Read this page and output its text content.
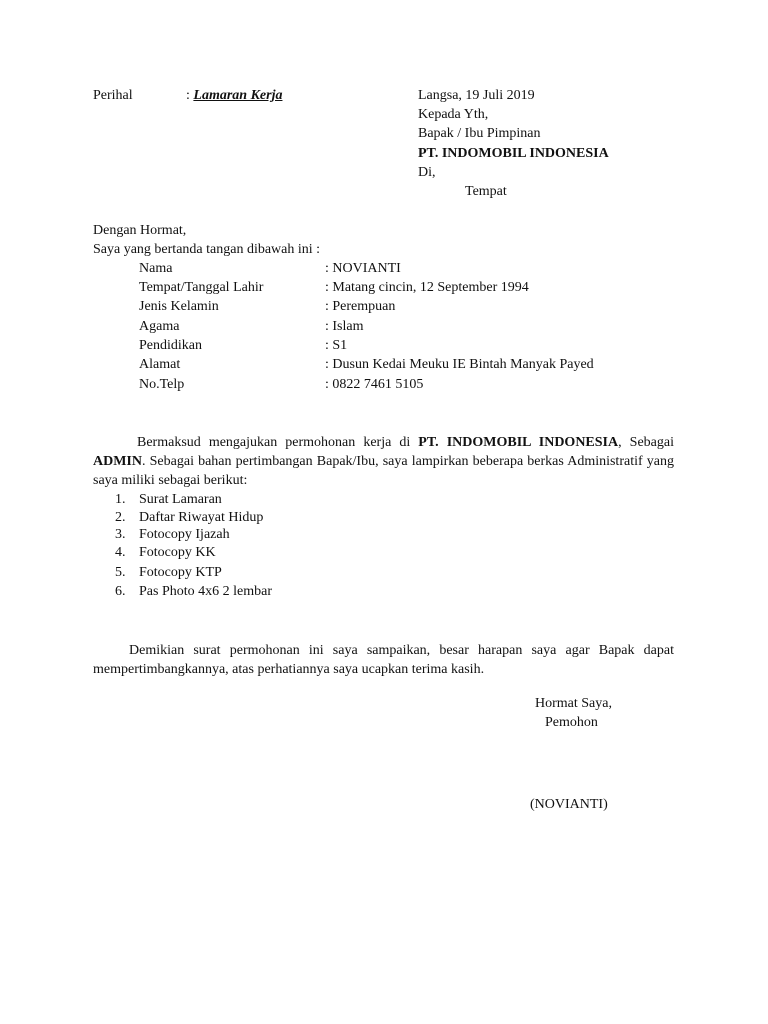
Perihal	: Lamaran Kerja	Langsa, 19 Juli 2019
Kepada Yth,
Bapak / Ibu Pimpinan
PT. INDOMOBIL INDONESIA
Di,
Tempat
Dengan Hormat,
Saya yang bertanda tangan dibawah ini :
Nama	: NOVIANTI
Tempat/Tanggal Lahir	: Matang cincin, 12 September 1994
Jenis Kelamin	: Perempuan
Agama	: Islam
Pendidikan	: S1
Alamat	: Dusun Kedai Meuku IE Bintah Manyak Payed
No.Telp	: 0822 7461 5105
Bermaksud mengajukan permohonan kerja di PT. INDOMOBIL INDONESIA, Sebagai ADMIN. Sebagai bahan pertimbangan Bapak/Ibu, saya lampirkan beberapa berkas Administratif yang saya miliki sebagai berikut:
1. Surat Lamaran
2. Daftar Riwayat Hidup
3. Fotocopy Ijazah
4. Fotocopy KK
5. Fotocopy KTP
6. Pas Photo 4x6 2 lembar
Demikian surat permohonan ini saya sampaikan, besar harapan saya agar Bapak dapat mempertimbangkannya, atas perhatiannya saya ucapkan terima kasih.
Hormat Saya,
Pemohon
(NOVIANTI)
